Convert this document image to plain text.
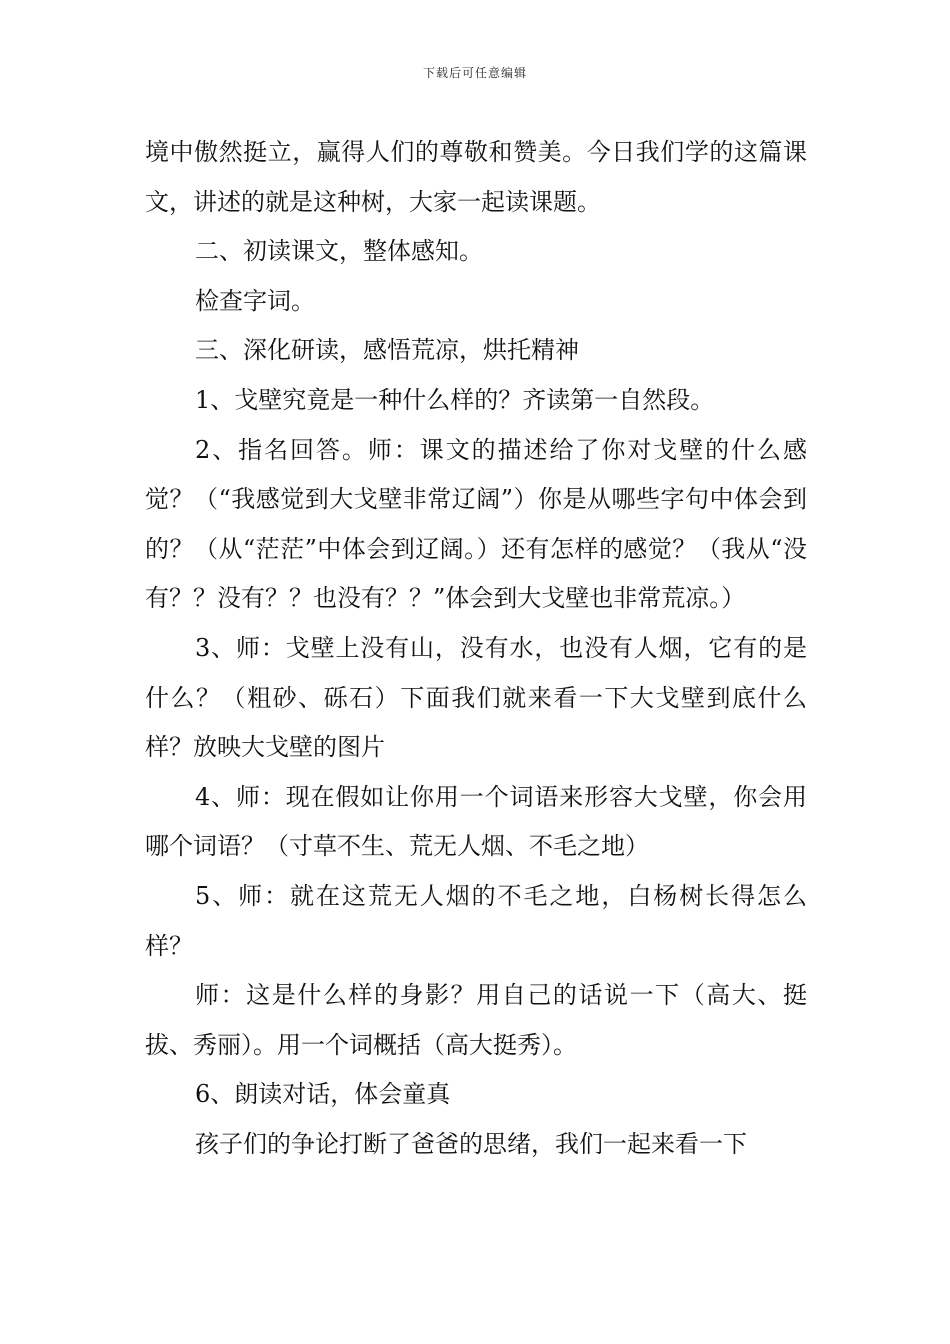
下载后可任意编辑

境中傲然挺立，赢得人们的尊敬和赞美。今日我们学的这篇课文，讲述的就是这种树，大家一起读课题。

二、初读课文，整体感知。

检查字词。

三、深化研读，感悟荒凉，烘托精神

1、戈壁究竟是一种什么样的？齐读第一自然段。

2、指名回答。师：课文的描述给了你对戈壁的什么感觉？（“我感觉到大戈壁非常辽阔”）你是从哪些字句中体会到的？（从“茫茫”中体会到辽阔。）还有怎样的感觉？（我从“没有？？没有？？也没有？？”体会到大戈壁也非常荒凉。）

3、师：戈壁上没有山，没有水，也没有人烟，它有的是什么？（粗砂、砾石）下面我们就来看一下大戈壁到底什么样？放映大戈壁的图片

4、师：现在假如让你用一个词语来形容大戈壁，你会用哪个词语？（寸草不生、荒无人烟、不毛之地）

5、师：就在这荒无人烟的不毛之地，白杨树长得怎么样？

师：这是什么样的身影？用自己的话说一下（高大、挺拔、秀丽）。用一个词概括（高大挺秀）。

6、朗读对话，体会童真

孩子们的争论打断了爸爸的思绪，我们一起来看一下
